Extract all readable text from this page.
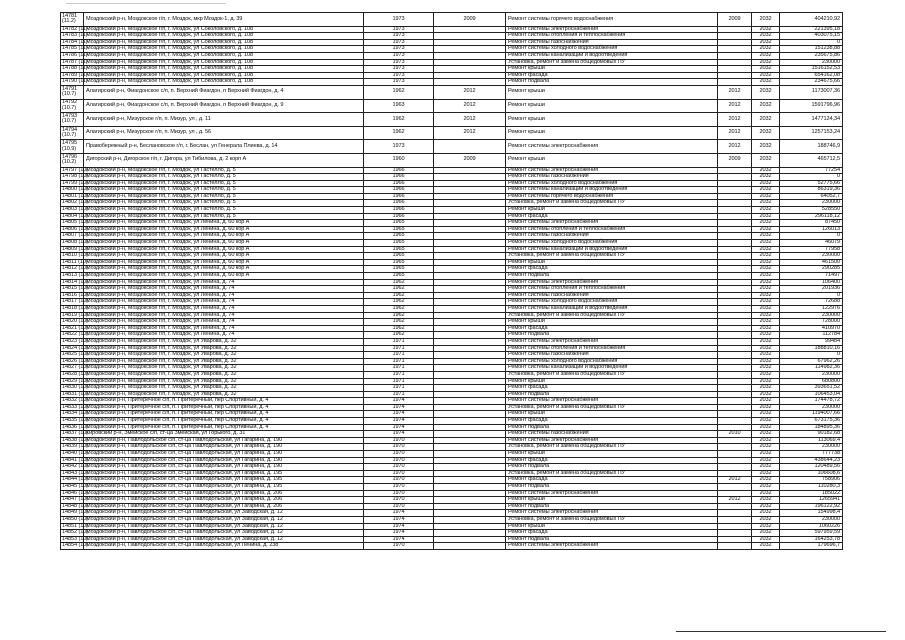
14781 (11.2)	Моздокский р-н, Моздокское г/п, г. Моздок, мкр Моздок-1, д. 39	1973	2009	Ремонт системы горячего водоснабжения	2009	2032	404210,92
14782 (11)	Моздокский р-н, Моздокское г/п, г. Моздок, ул Соколовского, д. 108	1973		Ремонт системы электроснабжения		2032	221395,18
14783 (11)	Моздокский р-н, Моздокское г/п, г. Моздок, ул Соколовского, д. 108	1973		Ремонт системы отопления и теплоснабжения		2032	403075,15
14784 (11)	Моздокский р-н, Моздокское г/п, г. Моздок, ул Соколовского, д. 108	1973		Ремонт системы газоснабжения		2032	0
14785 (11)	Моздокский р-н, Моздокское г/п, г. Моздок, ул Соколовского, д. 108	1973		Ремонт системы холодного водоснабжения		2032	151238,88
14786 (11)	Моздокский р-н, Моздокское г/п, г. Моздок, ул Соколовского, д. 108	1973		Ремонт системы канализации и водоотведения		2032	235675,86
14787 (11)	Моздокский р-н, Моздокское г/п, г. Моздок, ул Соколовского, д. 108	1973		Установка, ремонт и замена общедомовых ПУ		2032	230000
14788 (11)	Моздокский р-н, Моздокское г/п, г. Моздок, ул Соколовского, д. 108	1973		Ремонт крыши		2032	1516152,53
14789 (11)	Моздокский р-н, Моздокское г/п, г. Моздок, ул Соколовского, д. 108	1973		Ремонт фасада		2032	654162,08
14790 (11)	Моздокский р-н, Моздокское г/п, г. Моздок, ул Соколовского, д. 108	1973		Ремонт подвала		2032	234675,66

14791 (10.7)	Алагирский р-н, Фиагдонское с/п, п. Верхний Фиагдон, п Верхний Фиагдон, д. 4	1962	2012	Ремонт крыши	2012	2032	1173007,36

14792 (10.7)	Алагирский р-н, Фиагдонское с/п, п. Верхний Фиагдон, п Верхний Фиагдон, д. 9	1963	2012	Ремонт крыши	2012	2032	1591796,96

14793 (10.7)	Алагирский р-н, Мизурское г/п, п. Мизур, ул , д. 11	1962	2012	Ремонт крыши	2012	2032	1477124,34

14794 (10.7)	Алагирский р-н, Мизурское г/п, п. Мизур, ул , д. 56	1962	2012	Ремонт крыши	2012	2032	1257153,24

14795 (10.9)	Правобережный р-н, Беслановское г/п, г. Беслан, ул Генерала Плиева, д. 14	1973		Ремонт системы электроснабжения	2012	2032	188746,9

14796 (10.2)	Дигорский р-н, Дигорское г/п, г. Дигора, ул Тибилова, д. 2 корп А	1960	2009	Ремонт крыши	2009	2032	465712,5
14797 (10)	Моздокский р-н, Моздокское г/п, г. Моздок, ул Гастелло, д. 5	1966		Ремонт системы электроснабжения		2032	77254
14798 (10)	Моздокский р-н, Моздокское г/п, г. Моздок, ул Гастелло, д. 5	1966		Ремонт системы газоснабжения		2032	0
14799 (10)	Моздокский р-н, Моздокское г/п, г. Моздок, ул Гастелло, д. 5	1966		Ремонт системы холодного водоснабжения		2032	52775,66
14800 (10)	Моздокский р-н, Моздокское г/п, г. Моздок, ул Гастелло, д. 5	1966		Ремонт системы канализации и водоотведения		2032	86319,36
14801 (10)	Моздокский р-н, Моздокское г/п, г. Моздок, ул Гастелло, д. 5	1966		Ремонт системы горячего водоснабжения		2032	64052,7
14802 (10)	Моздокский р-н, Моздокское г/п, г. Моздок, ул Гастелло, д. 5	1966		Установка, ремонт и замена общедомовых ПУ		2032	230000
14803 (10)	Моздокский р-н, Моздокское г/п, г. Моздок, ул Гастелло, д. 5	1966		Ремонт крыши		2032	528550
14804 (10)	Моздокский р-н, Моздокское г/п, г. Моздок, ул Гастелло, д. 5	1966		Ремонт фасада		2032	296118,12
14805 (10)	Моздокский р-н, Моздокское г/п, г. Моздок, ул Ленина, д. 60 кор А	1965		Ремонт системы электроснабжения		2032	87450
14806 (10)	Моздокский р-н, Моздокское г/п, г. Моздок, ул Ленина, д. 60 кор А	1965		Ремонт системы отопления и теплоснабжения		2032	126013
14807 (10)	Моздокский р-н, Моздокское г/п, г. Моздок, ул Ленина, д. 60 кор А	1965		Ремонт системы газоснабжения		2032	0
14808 (10)	Моздокский р-н, Моздокское г/п, г. Моздок, ул Ленина, д. 60 кор А	1965		Ремонт системы холодного водоснабжения		2032	46079
14809 (10)	Моздокский р-н, Моздокское г/п, г. Моздок, ул Ленина, д. 60 кор А	1965		Ремонт системы канализации и водоотведения		2032	77958
14810 (10)	Моздокский р-н, Моздокское г/п, г. Моздок, ул Ленина, д. 60 кор А	1965		Установка, ремонт и замена общедомовых ПУ		2032	230000
14811 (10)	Моздокский р-н, Моздокское г/п, г. Моздок, ул Ленина, д. 60 кор А	1965		Ремонт крыши		2032	461500
14812 (10)	Моздокский р-н, Моздокское г/п, г. Моздок, ул Ленина, д. 60 кор А	1965		Ремонт фасада		2032	290285
14813 (10)	Моздокский р-н, Моздокское г/п, г. Моздок, ул Ленина, д. 60 кор А	1965		Ремонт подвала		2032	71497
14814 (10)	Моздокский р-н, Моздокское г/п, г. Моздок, ул Ленина, д. 74	1962		Ремонт системы электроснабжения		2032	106400
14815 (10)	Моздокский р-н, Моздокское г/п, г. Моздок, ул Ленина, д. 74	1962		Ремонт системы отопления и теплоснабжения		2032	201936
14816 (10)	Моздокский р-н, Моздокское г/п, г. Моздок, ул Ленина, д. 74	1962		Ремонт системы газоснабжения		2032	0
14817 (10)	Моздокский р-н, Моздокское г/п, г. Моздок, ул Ленина, д. 74	1962		Ремонт системы холодного водоснабжения		2032	72688
14818 (10)	Моздокский р-н, Моздокское г/п, г. Моздок, ул Ленина, д. 74	1962		Ремонт системы канализации и водоотведения		2032	122976
14819 (10)	Моздокский р-н, Моздокское г/п, г. Моздок, ул Ленина, д. 74	1962		Установка, ремонт и замена общедомовых ПУ		2032	230000
14820 (10)	Моздокский р-н, Моздокское г/п, г. Моздок, ул Ленина, д. 74	1962		Ремонт крыши		2032	728000
14821 (10)	Моздокский р-н, Моздокское г/п, г. Моздок, ул Ленина, д. 74	1962		Ремонт фасада		2032	410970
14822 (10)	Моздокский р-н, Моздокское г/п, г. Моздок, ул Ленина, д. 74	1962		Ремонт подвала		2032	112784
14823 (10)	Моздокский р-н, Моздокское г/п, г. Моздок, ул Уварова, д. 32	1971		Ремонт системы электроснабжения		2032	99484
14824 (10)	Моздокский р-н, Моздокское г/п, г. Моздок, ул Уварова, д. 32	1971		Ремонт системы отопления и теплоснабжения		2032	188810,16
14825 (10)	Моздокский р-н, Моздокское г/п, г. Моздок, ул Уварова, д. 32	1971		Ремонт системы газоснабжения		2032	0
14826 (10)	Моздокский р-н, Моздокское г/п, г. Моздок, ул Уварова, д. 32	1971		Ремонт системы холодного водоснабжения		2032	67962,26
14827 (10)	Моздокский р-н, Моздокское г/п, г. Моздок, ул Уварова, д. 32	1971		Ремонт системы канализации и водоотведения		2032	114982,36
14828 (10)	Моздокский р-н, Моздокское г/п, г. Моздок, ул Уварова, д. 32	1971		Установка, ремонт и замена общедомовых ПУ		2032	230000
14829 (10)	Моздокский р-н, Моздокское г/п, г. Моздок, ул Уварова, д. 32	1971		Ремонт крыши		2032	680800
14830 (10)	Моздокский р-н, Моздокское г/п, г. Моздок, ул Уварова, д. 32	1971		Ремонт фасада		2032	393651,52
14831 (10)	Моздокский р-н, Моздокское г/п, г. Моздок, ул Уварова, д. 32	1971		Ремонт подвала		2032	106453,04
14832 (10)	Моздокский р-н, Притеречное с/п, п. Притеречный, пер Спортивный, д. 4	1974		Ремонт системы электроснабжения		2032	174478,72
14833 (10)	Моздокский р-н, Притеречное с/п, п. Притеречный, пер Спортивный, д. 4	1974		Установка, ремонт и замена общедомовых ПУ		2032	230000
14834 (10)	Моздокский р-н, Притеречное с/п, п. Притеречный, пер Спортивный, д. 4	1974		Ремонт крыши		2032	1194007,66
14835 (10)	Моздокский р-н, Притеречное с/п, п. Притеречный, пер Спортивный, д. 4	1974		Ремонт фасада		2032	673175,36
14836 (10)	Моздокский р-н, Притеречное с/п, п. Притеречный, пер Спортивный, д. 4	1974		Ремонт подвала		2032	184895,36
14837 (10)	Кировский р-н, Змейское с/п, ст-ца Змейская, ул Горького, д. 31	1974		Ремонт системы газоснабжения	2010	2032	90182,68
14838 (10)	Моздокский р-н, Павлодольское с/п, ст-ца Павлодольская, ул Гагарина, д. 190	1970		Ремонт системы электроснабжения		2032	113069,4
14839 (10)	Моздокский р-н, Павлодольское с/п, ст-ца Павлодольская, ул Гагарина, д. 190	1970		Установка, ремонт и замена общедомовых ПУ		2032	230000
14840 (10)	Моздокский р-н, Павлодольское с/п, ст-ца Павлодольская, ул Гагарина, д. 190	1970		Ремонт крыши		2032	777738
14841 (10)	Моздокский р-н, Павлодольское с/п, ст-ца Павлодольская, ул Гагарина, д. 190	1970		Ремонт фасада		2032	438644,23
14842 (10)	Моздокский р-н, Павлодольское с/п, ст-ца Павлодольская, ул Гагарина, д. 190	1970		Ремонт подвала		2032	120489,56
14843 (10)	Моздокский р-н, Павлодольское с/п, ст-ца Павлодольская, ул Гагарина, д. 195	1970		Установка, ремонт и замена общедомовых ПУ		2032	106608,6
14844 (10)	Моздокский р-н, Павлодольское с/п, ст-ца Павлодольская, ул Гагарина, д. 195	1970		Ремонт фасада	2012	2032	758906
14845 (10)	Моздокский р-н, Павлодольское с/п, ст-ца Павлодольская, ул Гагарина, д. 195	1970		Ремонт подвала		2032	110280,3
14846 (10)	Моздокский р-н, Павлодольское с/п, ст-ца Павлодольская, ул Гагарина, д. 206	1970		Ремонт системы электроснабжения		2032	185022
14847 (10)	Моздокский р-н, Павлодольское с/п, ст-ца Павлодольская, ул Гагарина, д. 206	1970		Ремонт крыши	2012	2032	1265941
14848 (10)	Моздокский р-н, Павлодольское с/п, ст-ца Павлодольская, ул Гагарина, д. 206	1970		Ремонт подвала		2032	196122,92
14849 (10)	Моздокский р-н, Павлодольское с/п, ст-ца Павлодольская, ул Заводская, д. 12	1974		Ремонт системы электроснабжения		2032	154998,4
14850 (10)	Моздокский р-н, Павлодольское с/п, ст-ца Павлодольская, ул Заводская, д. 12	1974		Установка, ремонт и замена общедомовых ПУ		2032	230000
14851 (10)	Моздокский р-н, Павлодольское с/п, ст-ца Павлодольская, ул Заводская, д. 12	1974		Ремонт крыши		2032	1060226
14852 (10)	Моздокский р-н, Павлодольское с/п, ст-ца Павлодольская, ул Заводская, д. 12	1974		Ремонт фасада		2032	597959,59
14853 (10)	Моздокский р-н, Павлодольское с/п, ст-ца Павлодольская, ул Заводская, д. 12	1974		Ремонт подвала		2032	164253,78
14854 (10)	Моздокский р-н, Павлодольское с/п, ст-ца Павлодольская, ул Ленина, д. 238	1970		Ремонт системы электроснабжения		2032	179696,7
